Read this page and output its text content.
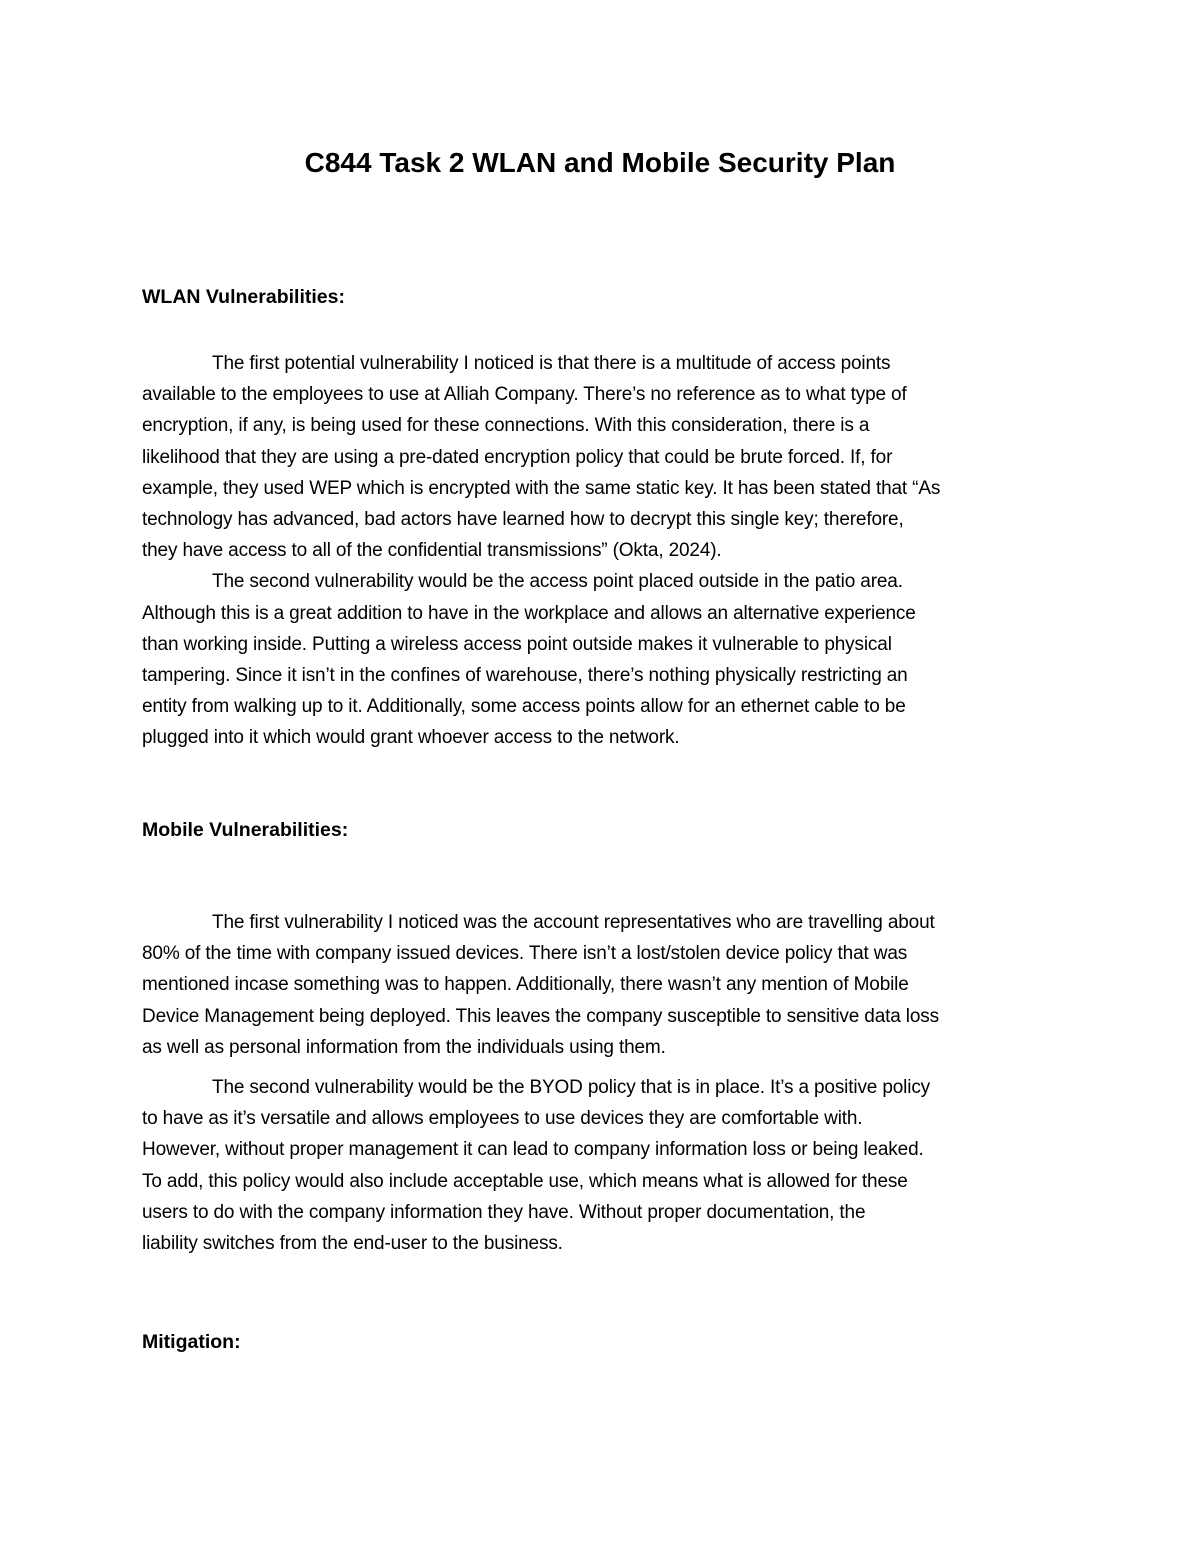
C844 Task 2 WLAN and Mobile Security Plan
WLAN Vulnerabilities:

The first potential vulnerability I noticed is that there is a multitude of access points
available to the employees to use at Alliah Company. There’s no reference as to what type of
encryption, if any, is being used for these connections. With this consideration, there is a
likelihood that they are using a pre-dated encryption policy that could be brute forced. If, for
example, they used WEP which is encrypted with the same static key. It has been stated that “As
technology has advanced, bad actors have learned how to decrypt this single key; therefore,
they have access to all of the confidential transmissions” (Okta, 2024).

The second vulnerability would be the access point placed outside in the patio area.
Although this is a great addition to have in the workplace and allows an alternative experience
than working inside. Putting a wireless access point outside makes it vulnerable to physical
tampering. Since it isn’t in the confines of warehouse, there’s nothing physically restricting an
entity from walking up to it. Additionally, some access points allow for an ethernet cable to be
plugged into it which would grant whoever access to the network.

Mobile Vulnerabilities:

The first vulnerability I noticed was the account representatives who are travelling about
80% of the time with company issued devices. There isn’t a lost/stolen device policy that was
mentioned incase something was to happen. Additionally, there wasn’t any mention of Mobile
Device Management being deployed. This leaves the company susceptible to sensitive data loss
as well as personal information from the individuals using them.

The second vulnerability would be the BYOD policy that is in place. It’s a positive policy
to have as it’s versatile and allows employees to use devices they are comfortable with.
However, without proper management it can lead to company information loss or being leaked.
To add, this policy would also include acceptable use, which means what is allowed for these
users to do with the company information they have. Without proper documentation, the
liability switches from the end-user to the business.

Mitigation:
